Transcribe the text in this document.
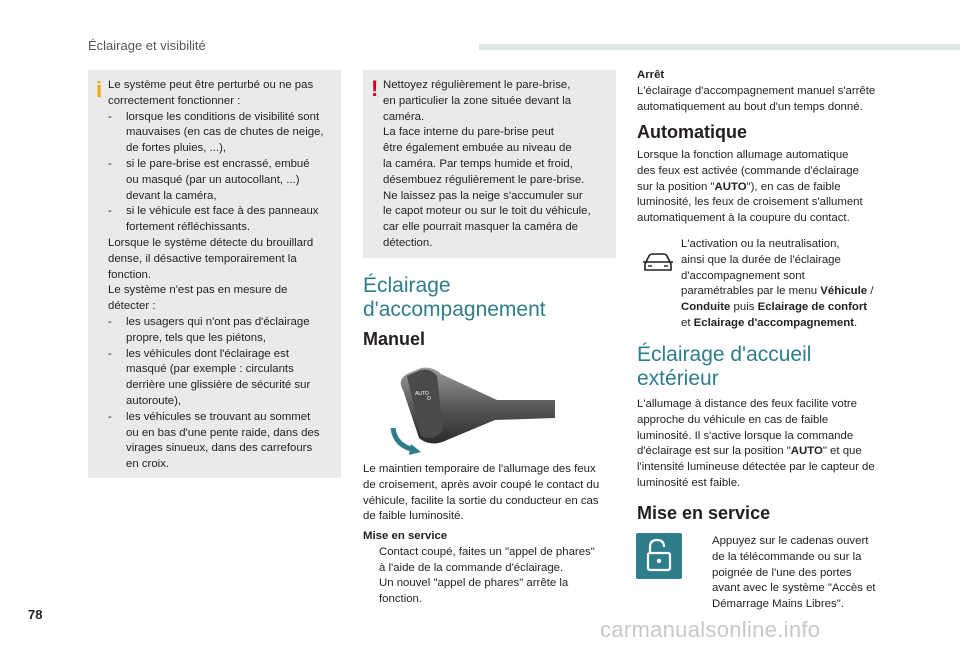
Éclairage et visibilité
i Le système peut être perturbé ou ne pas
correctement fonctionner :
- lorsque les conditions de visibilité sont
mauvaises (en cas de chutes de neige,
de fortes pluies, ...),
- si le pare-brise est encrassé, embué
ou masqué (par un autocollant, ...)
devant la caméra,
- si le véhicule est face à des panneaux
fortement réfléchissants.
Lorsque le système détecte du brouillard
dense, il désactive temporairement la
fonction.
Le système n'est pas en mesure de
détecter :
- les usagers qui n'ont pas d'éclairage
propre, tels que les piétons,
- les véhicules dont l'éclairage est
masqué (par exemple : circulants
derrière une glissière de sécurité sur
autoroute),
- les véhicules se trouvant au sommet
ou en bas d'une pente raide, dans des
virages sinueux, dans des carrefours
en croix.
! Nettoyez régulièrement le pare-brise,
en particulier la zone située devant la
caméra.
La face interne du pare-brise peut
être également embuée au niveau de
la caméra. Par temps humide et froid,
désembuez régulièrement le pare-brise.
Ne laissez pas la neige s'accumuler sur
le capot moteur ou sur le toit du véhicule,
car elle pourrait masquer la caméra de
détection.
Éclairage
d'accompagnement
Manuel
O
AUTO
Le maintien temporaire de l'allumage des feux
de croisement, après avoir coupé le contact du
véhicule, facilite la sortie du conducteur en cas
de faible luminosité.
Mise en service
Contact coupé, faites un "appel de phares"
à l'aide de la commande d'éclairage.
Un nouvel "appel de phares" arrête la
fonction.
Arrêt
L'éclairage d'accompagnement manuel s'arrête
automatiquement au bout d'un temps donné.
Automatique
Lorsque la fonction allumage automatique
des feux est activée (commande d'éclairage
sur la position "AUTO"), en cas de faible
luminosité, les feux de croisement s'allument
automatiquement à la coupure du contact.
L'activation ou la neutralisation,
ainsi que la durée de l'éclairage
d'accompagnement sont
paramétrables par le menu Véhicule /
Conduite puis Eclairage de confort
et Eclairage d'accompagnement.
Éclairage d'accueil
extérieur
L'allumage à distance des feux facilite votre
approche du véhicule en cas de faible
luminosité. Il s'active lorsque la commande
d'éclairage est sur la position "AUTO" et que
l'intensité lumineuse détectée par le capteur de
luminosité est faible.
Mise en service
Appuyez sur le cadenas ouvert
de la télécommande ou sur la
poignée de l'une des portes
avant avec le système "Accès et
Démarrage Mains Libres".
78
carmanualsonline.info
